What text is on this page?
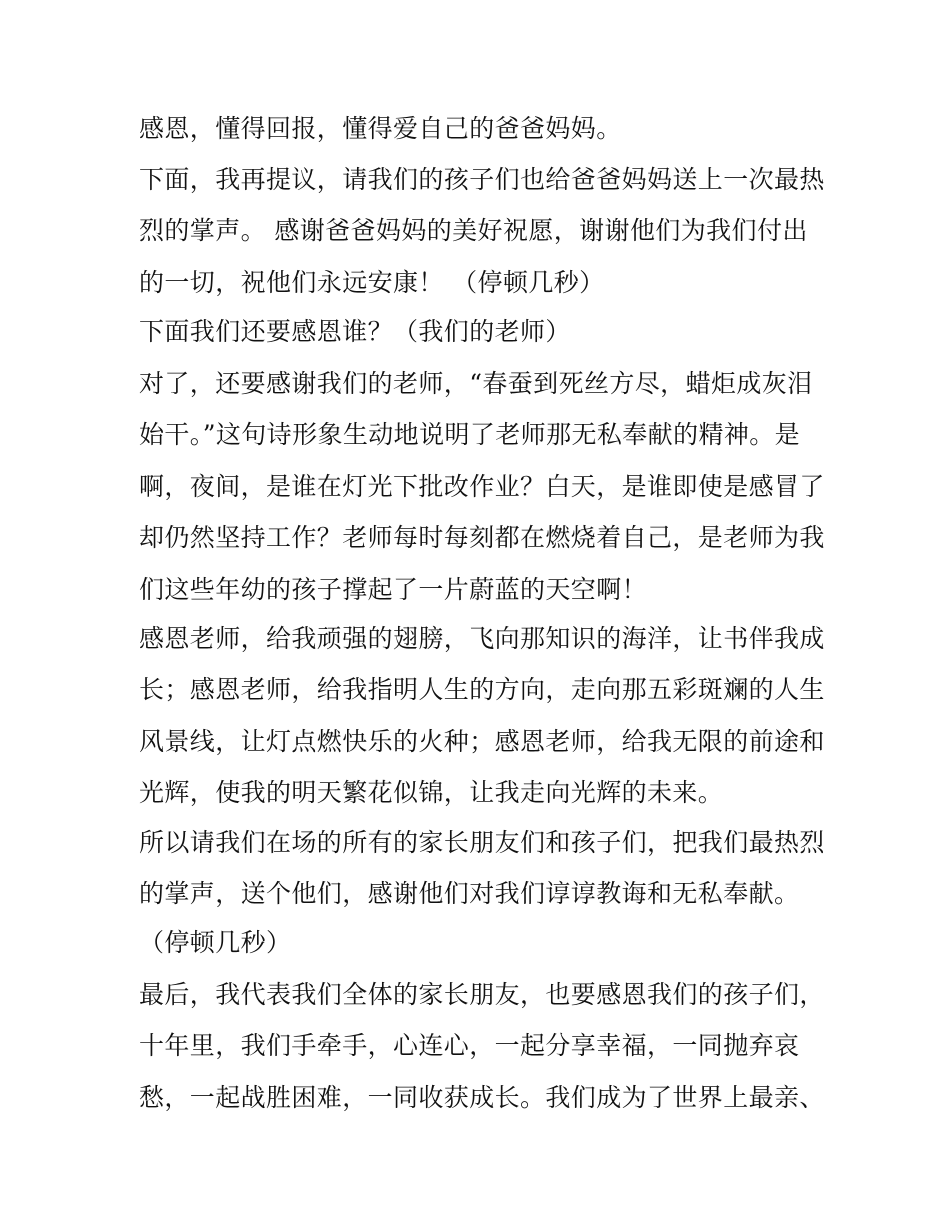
感恩，懂得回报，懂得爱自己的爸爸妈妈。
下面，我再提议，请我们的孩子们也给爸爸妈妈送上一次最热
烈的掌声。 感谢爸爸妈妈的美好祝愿，谢谢他们为我们付出
的一切，祝他们永远安康！ （停顿几秒）
下面我们还要感恩谁？（我们的老师）
对了，还要感谢我们的老师，“春蚕到死丝方尽，蜡炬成灰泪
始干。”这句诗形象生动地说明了老师那无私奉献的精神。是
啊，夜间，是谁在灯光下批改作业？白天，是谁即使是感冒了
却仍然坚持工作？老师每时每刻都在燃烧着自己，是老师为我
们这些年幼的孩子撑起了一片蔚蓝的天空啊！
感恩老师，给我顽强的翅膀，飞向那知识的海洋，让书伴我成
长；感恩老师，给我指明人生的方向，走向那五彩斑斓的人生
风景线，让灯点燃快乐的火种；感恩老师，给我无限的前途和
光辉，使我的明天繁花似锦，让我走向光辉的未来。
所以请我们在场的所有的家长朋友们和孩子们，把我们最热烈
的掌声，送个他们，感谢他们对我们谆谆教诲和无私奉献。
（停顿几秒）
最后，我代表我们全体的家长朋友，也要感恩我们的孩子们，
十年里，我们手牵手，心连心，一起分享幸福，一同抛弃哀
愁，一起战胜困难，一同收获成长。我们成为了世界上最亲、
